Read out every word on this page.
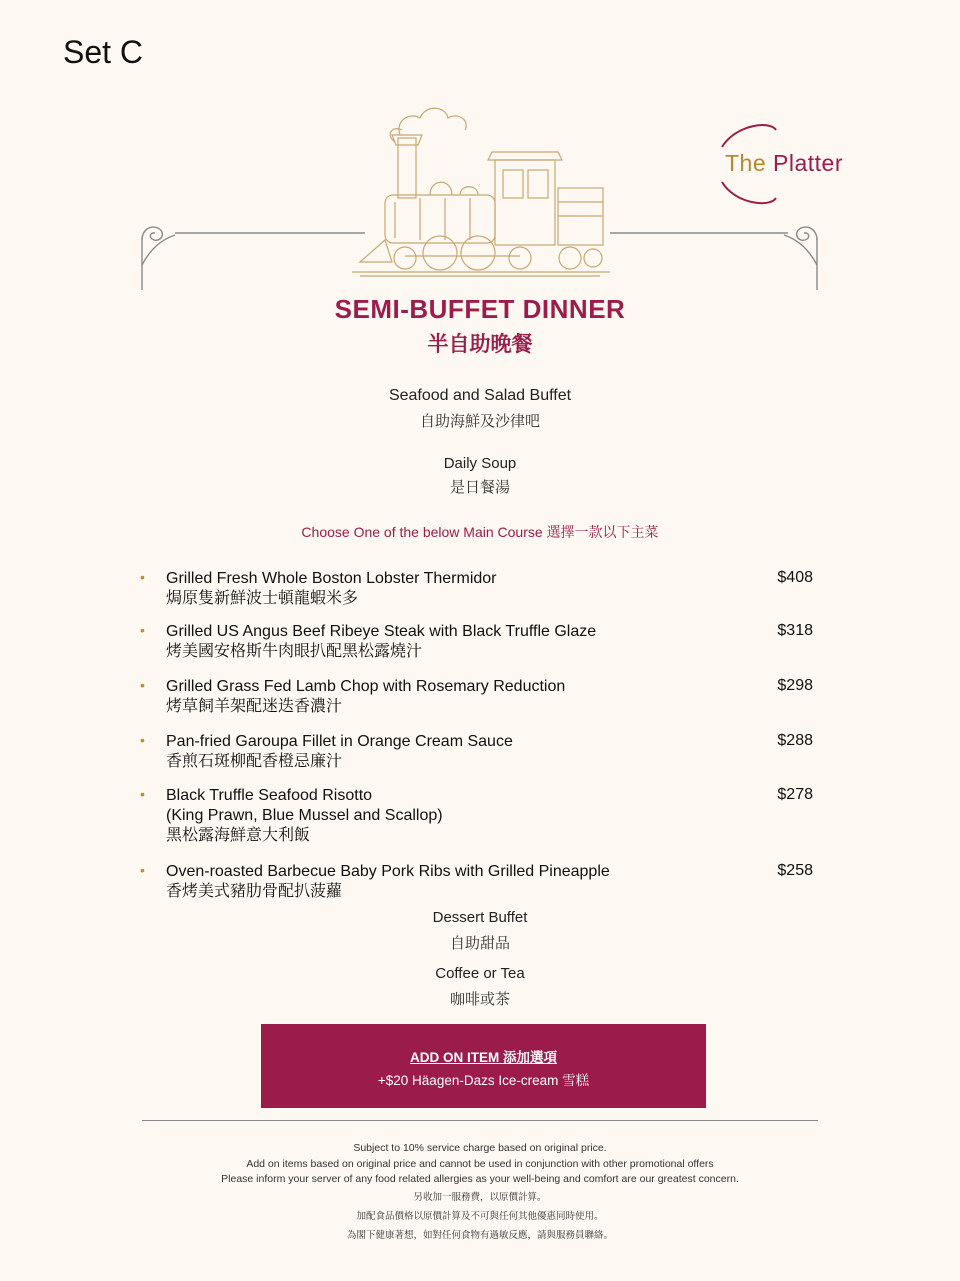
Set C
The Platter
SEMI-BUFFET DINNER
半自助晚餐
Seafood and Salad Buffet
自助海鮮及沙律吧
Daily Soup
是日餐湯
Choose One of the below Main Course 選擇一款以下主菜
• Grilled Fresh Whole Boston Lobster Thermidor
焗原隻新鮮波士頓龍蝦米多
$408
• Grilled US Angus Beef Ribeye Steak with Black Truffle Glaze
烤美國安格斯牛肉眼扒配黑松露燒汁
$318
• Grilled Grass Fed Lamb Chop with Rosemary Reduction
烤草飼羊架配迷迭香濃汁
$298
• Pan-fried Garoupa Fillet in Orange Cream Sauce
香煎石斑柳配香橙忌廉汁
$288
• Black Truffle Seafood Risotto
(King Prawn, Blue Mussel and Scallop)
黑松露海鮮意大利飯
$278
• Oven-roasted Barbecue Baby Pork Ribs with Grilled Pineapple
香烤美式豬肋骨配扒菠蘿
$258
Dessert Buffet
自助甜品
Coffee or Tea
咖啡或茶
ADD ON ITEM 添加選項
+$20 Häagen-Dazs Ice-cream 雪糕
Subject to 10% service charge based on original price.
Add on items based on original price and cannot be used in conjunction with other promotional offers
Please inform your server of any food related allergies as your well-being and comfort are our greatest concern.
另收加一服務費，以原價計算。
加配食品價格以原價計算及不可與任何其他優惠同時使用。
為閣下健康著想，如對任何食物有過敏反應，請與服務員聯絡。
